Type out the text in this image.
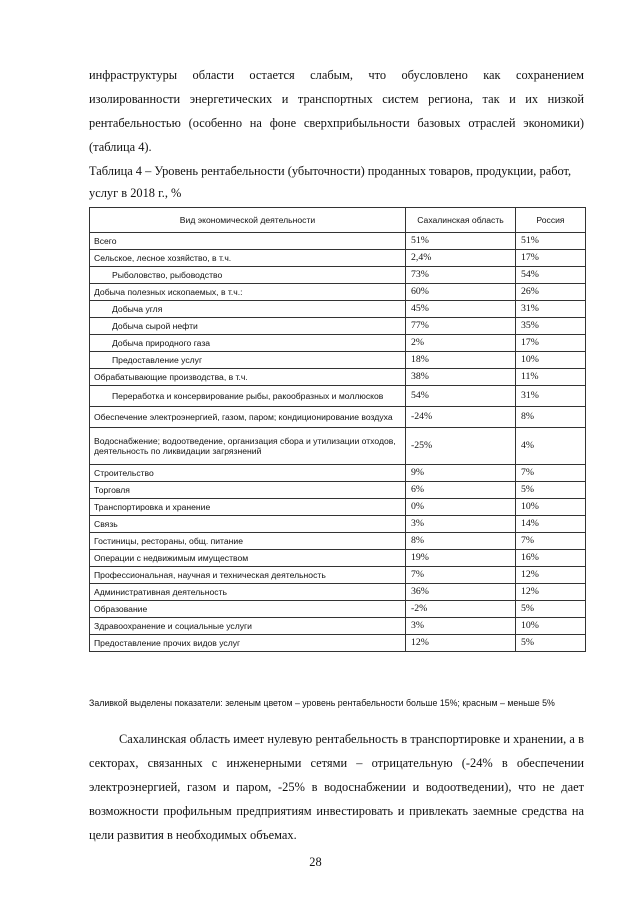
инфраструктуры области остается слабым, что обусловлено как сохранением изолированности энергетических и транспортных систем региона, так и их низкой рентабельностью (особенно на фоне сверхприбыльности базовых отраслей экономики) (таблица 4).

Таблица 4 – Уровень рентабельности (убыточности) проданных товаров, продукции, работ, услуг в 2018 г., %

Вид экономической деятельности	Сахалинская область	Россия
Всего	51%	51%
Сельское, лесное хозяйство, в т.ч.	2,4%	17%
Рыболовство, рыбоводство	73%	54%
Добыча полезных ископаемых, в т.ч.:	60%	26%
Добыча угля	45%	31%
Добыча сырой нефти	77%	35%
Добыча природного газа	2%	17%
Предоставление услуг	18%	10%
Обрабатывающие производства, в т.ч.	38%	11%
Переработка и консервирование рыбы, ракообразных и моллюсков	54%	31%
Обеспечение электроэнергией, газом, паром; кондиционирование воздуха	-24%	8%
Водоснабжение; водоотведение, организация сбора и утилизации отходов, деятельность по ликвидации загрязнений	-25%	4%
Строительство	9%	7%
Торговля	6%	5%
Транспортировка и хранение	0%	10%
Связь	3%	14%
Гостиницы, рестораны, общ. питание	8%	7%
Операции с недвижимым имуществом	19%	16%
Профессиональная, научная и техническая деятельность	7%	12%
Административная деятельность	36%	12%
Образование	-2%	5%
Здравоохранение и социальные услуги	3%	10%
Предоставление прочих видов услуг	12%	5%

Заливкой выделены показатели: зеленым цветом – уровень рентабельности больше 15%; красным – меньше 5%

Сахалинская область имеет нулевую рентабельность в транспортировке и хранении, а в секторах, связанных с инженерными сетями – отрицательную (-24% в обеспечении электроэнергией, газом и паром, -25% в водоснабжении и водоотведении), что не дает возможности профильным предприятиям инвестировать и привлекать заемные средства на цели развития в необходимых объемах.

28
